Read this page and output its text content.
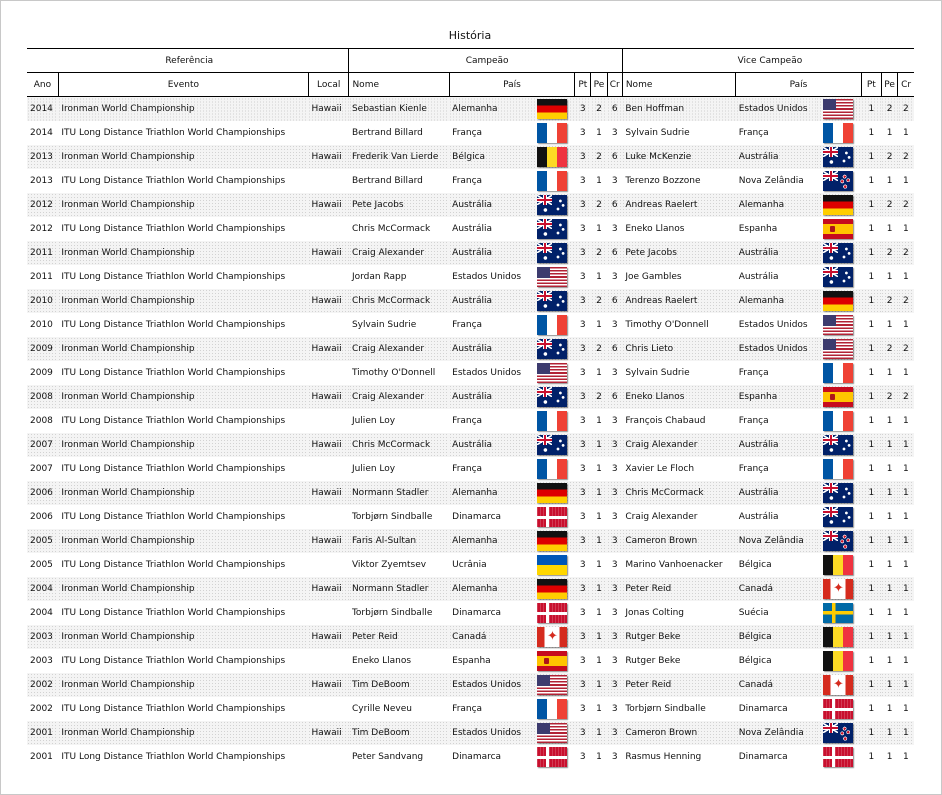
História
Referência			Campeão						Vice Campeão					
Ano	Evento	Local	Nome	País		Pt	Pe	Cr	Nome	País		Pt	Pe	Cr
2014	Ironman World Championship	Hawaii	Sebastian Kienle	Alemanha		3	2	6	Ben Hoffman	Estados Unidos		1	2	2
2014	ITU Long Distance Triathlon World Championships		Bertrand Billard	França		3	1	3	Sylvain Sudrie	França		1	1	1
2013	Ironman World Championship	Hawaii	Frederik Van Lierde	Bélgica		3	2	6	Luke McKenzie	Austrália		1	2	2
2013	ITU Long Distance Triathlon World Championships		Bertrand Billard	França		3	1	3	Terenzo Bozzone	Nova Zelândia		1	1	1
2012	Ironman World Championship	Hawaii	Pete Jacobs	Austrália		3	2	6	Andreas Raelert	Alemanha		1	2	2
2012	ITU Long Distance Triathlon World Championships		Chris McCormack	Austrália		3	1	3	Eneko Llanos	Espanha		1	1	1
2011	Ironman World Championship	Hawaii	Craig Alexander	Austrália		3	2	6	Pete Jacobs	Austrália		1	2	2
2011	ITU Long Distance Triathlon World Championships		Jordan Rapp	Estados Unidos		3	1	3	Joe Gambles	Austrália		1	1	1
2010	Ironman World Championship	Hawaii	Chris McCormack	Austrália		3	2	6	Andreas Raelert	Alemanha		1	2	2
2010	ITU Long Distance Triathlon World Championships		Sylvain Sudrie	França		3	1	3	Timothy O'Donnell	Estados Unidos		1	1	1
2009	Ironman World Championship	Hawaii	Craig Alexander	Austrália		3	2	6	Chris Lieto	Estados Unidos		1	2	2
2009	ITU Long Distance Triathlon World Championships		Timothy O'Donnell	Estados Unidos		3	1	3	Sylvain Sudrie	França		1	1	1
2008	Ironman World Championship	Hawaii	Craig Alexander	Austrália		3	2	6	Eneko Llanos	Espanha		1	2	2
2008	ITU Long Distance Triathlon World Championships		Julien Loy	França		3	1	3	François Chabaud	França		1	1	1
2007	Ironman World Championship	Hawaii	Chris McCormack	Austrália		3	1	3	Craig Alexander	Austrália		1	1	1
2007	ITU Long Distance Triathlon World Championships		Julien Loy	França		3	1	3	Xavier Le Floch	França		1	1	1
2006	Ironman World Championship	Hawaii	Normann Stadler	Alemanha		3	1	3	Chris McCormack	Austrália		1	1	1
2006	ITU Long Distance Triathlon World Championships		Torbjørn Sindballe	Dinamarca		3	1	3	Craig Alexander	Austrália		1	1	1
2005	Ironman World Championship	Hawaii	Faris Al-Sultan	Alemanha		3	1	3	Cameron Brown	Nova Zelândia		1	1	1
2005	ITU Long Distance Triathlon World Championships		Viktor Zyemtsev	Ucrânia		3	1	3	Marino Vanhoenacker	Bélgica		1	1	1
2004	Ironman World Championship	Hawaii	Normann Stadler	Alemanha		3	1	3	Peter Reid	Canadá	✦	1	1	1
2004	ITU Long Distance Triathlon World Championships		Torbjørn Sindballe	Dinamarca		3	1	3	Jonas Colting	Suécia		1	1	1
2003	Ironman World Championship	Hawaii	Peter Reid	Canadá	✦	3	1	3	Rutger Beke	Bélgica		1	1	1
2003	ITU Long Distance Triathlon World Championships		Eneko Llanos	Espanha		3	1	3	Rutger Beke	Bélgica		1	1	1
2002	Ironman World Championship	Hawaii	Tim DeBoom	Estados Unidos		3	1	3	Peter Reid	Canadá	✦	1	1	1
2002	ITU Long Distance Triathlon World Championships		Cyrille Neveu	França		3	1	3	Torbjørn Sindballe	Dinamarca		1	1	1
2001	Ironman World Championship	Hawaii	Tim DeBoom	Estados Unidos		3	1	3	Cameron Brown	Nova Zelândia		1	1	1
2001	ITU Long Distance Triathlon World Championships		Peter Sandvang	Dinamarca		3	1	3	Rasmus Henning	Dinamarca		1	1	1
